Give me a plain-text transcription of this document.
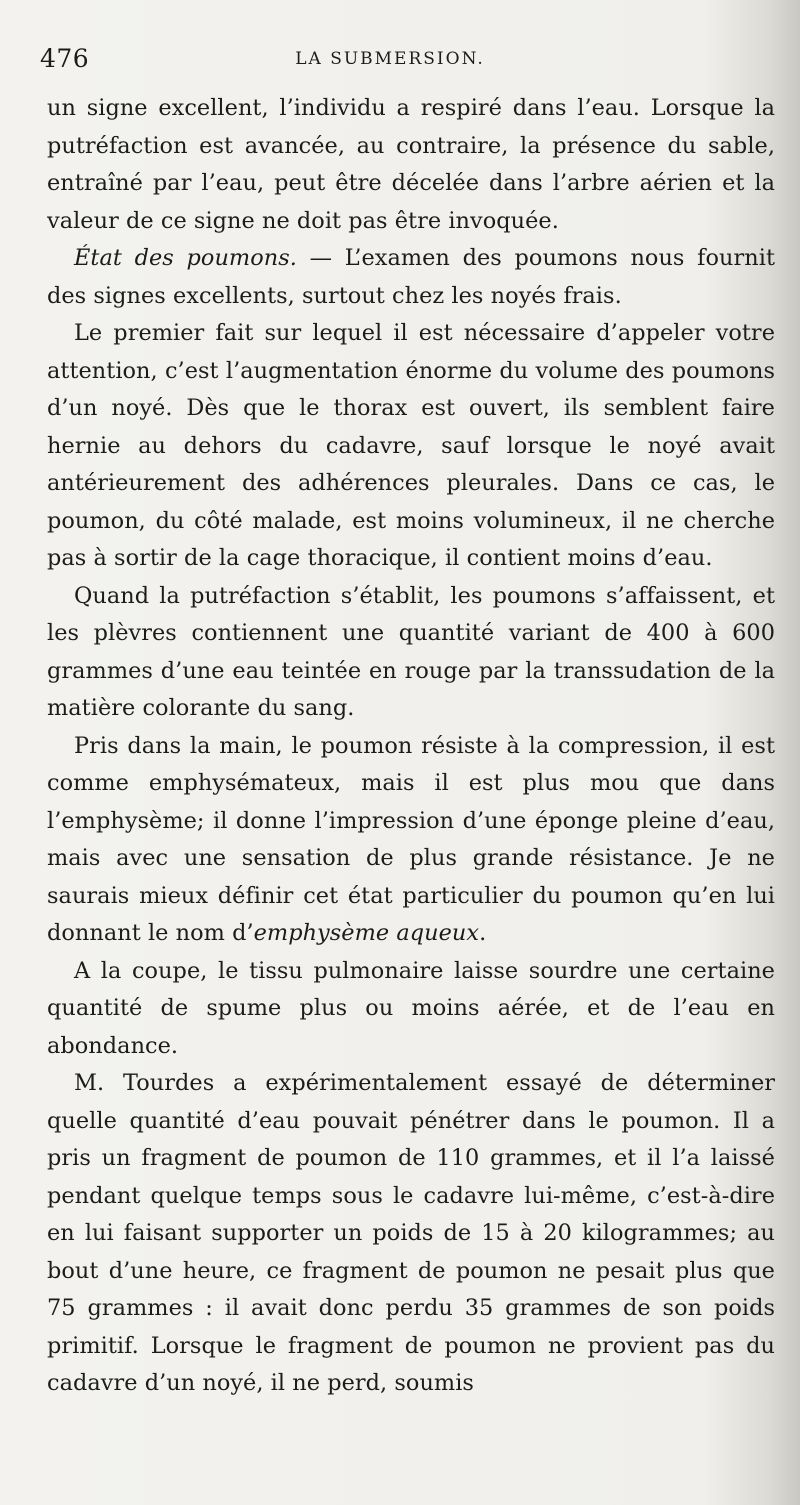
476	LA SUBMERSION.

un signe excellent, l’individu a respiré dans l’eau. Lorsque la putréfaction est avancée, au contraire, la présence du sable, entraîné par l’eau, peut être décelée dans l’arbre aérien et la valeur de ce signe ne doit pas être invoquée.

État des poumons. — L’examen des poumons nous fournit des signes excellents, surtout chez les noyés frais.

Le premier fait sur lequel il est nécessaire d’appeler votre attention, c’est l’augmentation énorme du volume des poumons d’un noyé. Dès que le thorax est ouvert, ils semblent faire hernie au dehors du cadavre, sauf lorsque le noyé avait antérieurement des adhérences pleurales. Dans ce cas, le poumon, du côté malade, est moins volumineux, il ne cherche pas à sortir de la cage thoracique, il contient moins d’eau.

Quand la putréfaction s’établit, les poumons s’affaissent, et les plèvres contiennent une quantité variant de 400 à 600 grammes d’une eau teintée en rouge par la transsudation de la matière colorante du sang.

Pris dans la main, le poumon résiste à la compression, il est comme emphysémateux, mais il est plus mou que dans l’emphysème; il donne l’impression d’une éponge pleine d’eau, mais avec une sensation de plus grande résistance. Je ne saurais mieux définir cet état particulier du poumon qu’en lui donnant le nom d’emphysème aqueux.

A la coupe, le tissu pulmonaire laisse sourdre une certaine quantité de spume plus ou moins aérée, et de l’eau en abondance.

M. Tourdes a expérimentalement essayé de déterminer quelle quantité d’eau pouvait pénétrer dans le poumon. Il a pris un fragment de poumon de 110 grammes, et il l’a laissé pendant quelque temps sous le cadavre lui-même, c’est-à-dire en lui faisant supporter un poids de 15 à 20 kilogrammes; au bout d’une heure, ce fragment de poumon ne pesait plus que 75 grammes : il avait donc perdu 35 grammes de son poids primitif. Lorsque le fragment de poumon ne provient pas du cadavre d’un noyé, il ne perd, soumis
